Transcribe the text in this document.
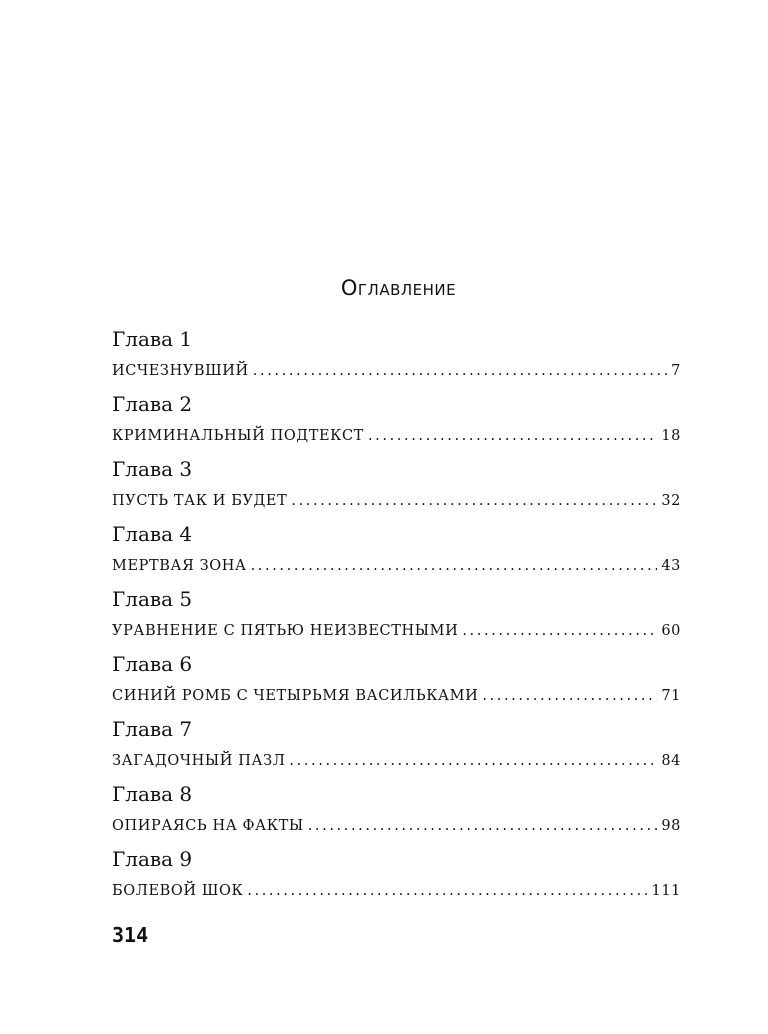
Оглавление
Глава 1
ИСЧЕЗНУВШИЙ .....	7
Глава 2
КРИМИНАЛЬНЫЙ ПОДТЕКСТ .....	18
Глава 3
ПУСТЬ ТАК И БУДЕТ .....	32
Глава 4
МЕРТВАЯ ЗОНА .....	43
Глава 5
УРАВНЕНИЕ С ПЯТЬЮ НЕИЗВЕСТНЫМИ .....	60
Глава 6
СИНИЙ РОМБ С ЧЕТЫРЬМЯ ВАСИЛЬКАМИ .....	71
Глава 7
ЗАГАДОЧНЫЙ ПАЗЛ .....	84
Глава 8
ОПИРАЯСЬ НА ФАКТЫ .....	98
Глава 9
БОЛЕВОЙ ШОК .....	111
314
